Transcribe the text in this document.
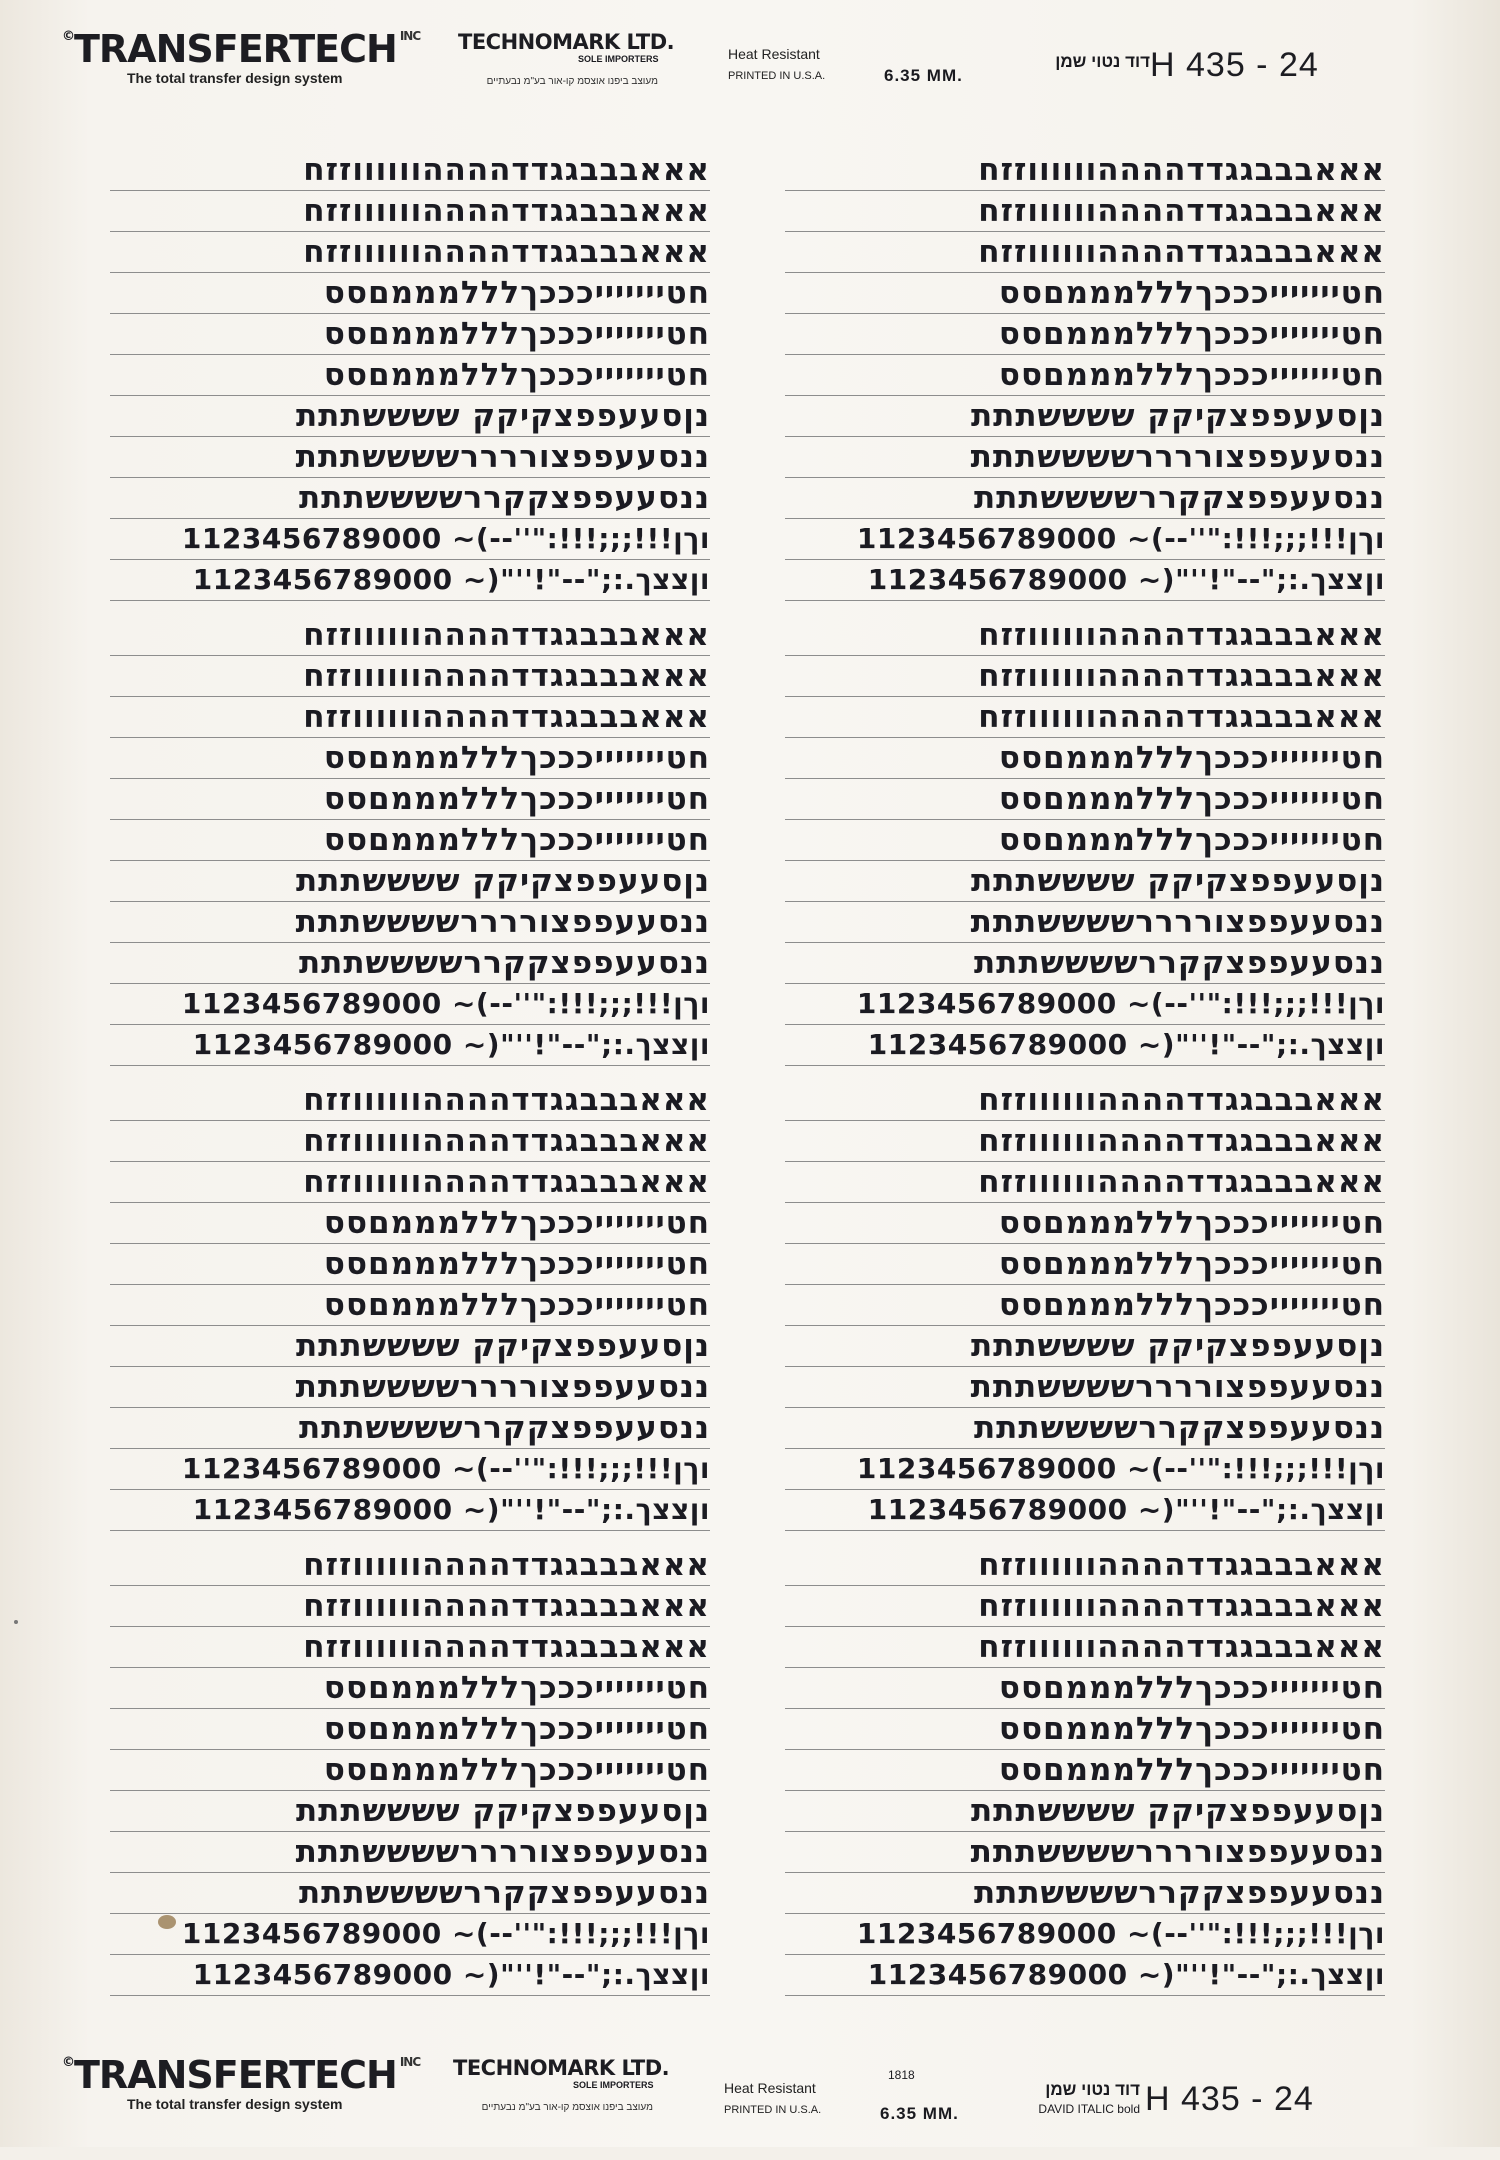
©TRANSFERTECH $^{INC}$
The total transfer design system
TECHNOMARK LTD.
SOLE IMPORTERS
מעוצב ביפנו אוצסמ קו-אור בע"מ נבעתיים
Heat Resistant
PRINTED IN U.S.A.	6.35 MM.
דוד נטוי שמן H 435 - 24
©TRANSFERTECH $^{INC}$
The total transfer design system
TECHNOMARK LTD.
SOLE IMPORTERS
מעוצב ביפנו אוצסמ קו-אור בע"מ נבעתיים
Heat Resistant
PRINTED IN U.S.A.
1818
6.35 MM.
דוד נטוי שמן
DAVID ITALIC bold H 435 - 24
אאאבבבגגדדההההווווווזזח
אאאבבבגגדדההההווווווזזח
אאאבבבגגדדההההווווווזזח
חטיייייייכככךלללמממםסס
חטיייייייכככךלללמממםסס
חטיייייייכככךלללמממםסס
נןסעעפפצקיקק ששששתתת
ננסעעפפצוררררששששתתת
ננסעעפפצקקררששששתתת
וךן!!!;;;!!!:"''--)~ 1123456789000
וןצצך.:;"--"!''"(~ 1123456789000
אאאבבבגגדדההההווווווזזח
אאאבבבגגדדההההווווווזזח
אאאבבבגגדדההההווווווזזח
חטיייייייכככךלללמממםסס
חטיייייייכככךלללמממםסס
חטיייייייכככךלללמממםסס
נןסעעפפצקיקק ששששתתת
ננסעעפפצוררררששששתתת
ננסעעפפצקקררששששתתת
וךן!!!;;;!!!:"''--)~ 1123456789000
וןצצך.:;"--"!''"(~ 1123456789000
אאאבבבגגדדההההווווווזזח
אאאבבבגגדדההההווווווזזח
אאאבבבגגדדההההווווווזזח
חטיייייייכככךלללמממםסס
חטיייייייכככךלללמממםסס
חטיייייייכככךלללמממםסס
נןסעעפפצקיקק ששששתתת
ננסעעפפצוררררששששתתת
ננסעעפפצקקררששששתתת
וךן!!!;;;!!!:"''--)~ 1123456789000
וןצצך.:;"--"!''"(~ 1123456789000
אאאבבבגגדדההההווווווזזח
אאאבבבגגדדההההווווווזזח
אאאבבבגגדדההההווווווזזח
חטיייייייכככךלללמממםסס
חטיייייייכככךלללמממםסס
חטיייייייכככךלללמממםסס
נןסעעפפצקיקק ששששתתת
ננסעעפפצוררררששששתתת
ננסעעפפצקקררששששתתת
וךן!!!;;;!!!:"''--)~ 1123456789000
וןצצך.:;"--"!''"(~ 1123456789000
אאאבבבגגדדההההווווווזזח
אאאבבבגגדדההההווווווזזח
אאאבבבגגדדההההווווווזזח
חטיייייייכככךלללמממםסס
חטיייייייכככךלללמממםסס
חטיייייייכככךלללמממםסס
נןסעעפפצקיקק ששששתתת
ננסעעפפצוררררששששתתת
ננסעעפפצקקררששששתתת
וךן!!!;;;!!!:"''--)~ 1123456789000
וןצצך.:;"--"!''"(~ 1123456789000
אאאבבבגגדדההההווווווזזח
אאאבבבגגדדההההווווווזזח
אאאבבבגגדדההההווווווזזח
חטיייייייכככךלללמממםסס
חטיייייייכככךלללמממםסס
חטיייייייכככךלללמממםסס
נןסעעפפצקיקק ששששתתת
ננסעעפפצוררררששששתתת
ננסעעפפצקקררששששתתת
וךן!!!;;;!!!:"''--)~ 1123456789000
וןצצך.:;"--"!''"(~ 1123456789000
אאאבבבגגדדההההווווווזזח
אאאבבבגגדדההההווווווזזח
אאאבבבגגדדההההווווווזזח
חטיייייייכככךלללמממםסס
חטיייייייכככךלללמממםסס
חטיייייייכככךלללמממםסס
נןסעעפפצקיקק ששששתתת
ננסעעפפצוררררששששתתת
ננסעעפפצקקררששששתתת
וךן!!!;;;!!!:"''--)~ 1123456789000
וןצצך.:;"--"!''"(~ 1123456789000
אאאבבבגגדדההההווווווזזח
אאאבבבגגדדההההווווווזזח
אאאבבבגגדדההההווווווזזח
חטיייייייכככךלללמממםסס
חטיייייייכככךלללמממםסס
חטיייייייכככךלללמממםסס
נןסעעפפצקיקק ששששתתת
ננסעעפפצוררררששששתתת
ננסעעפפצקקררששששתתת
וךן!!!;;;!!!:"''--)~ 1123456789000
וןצצך.:;"--"!''"(~ 1123456789000
